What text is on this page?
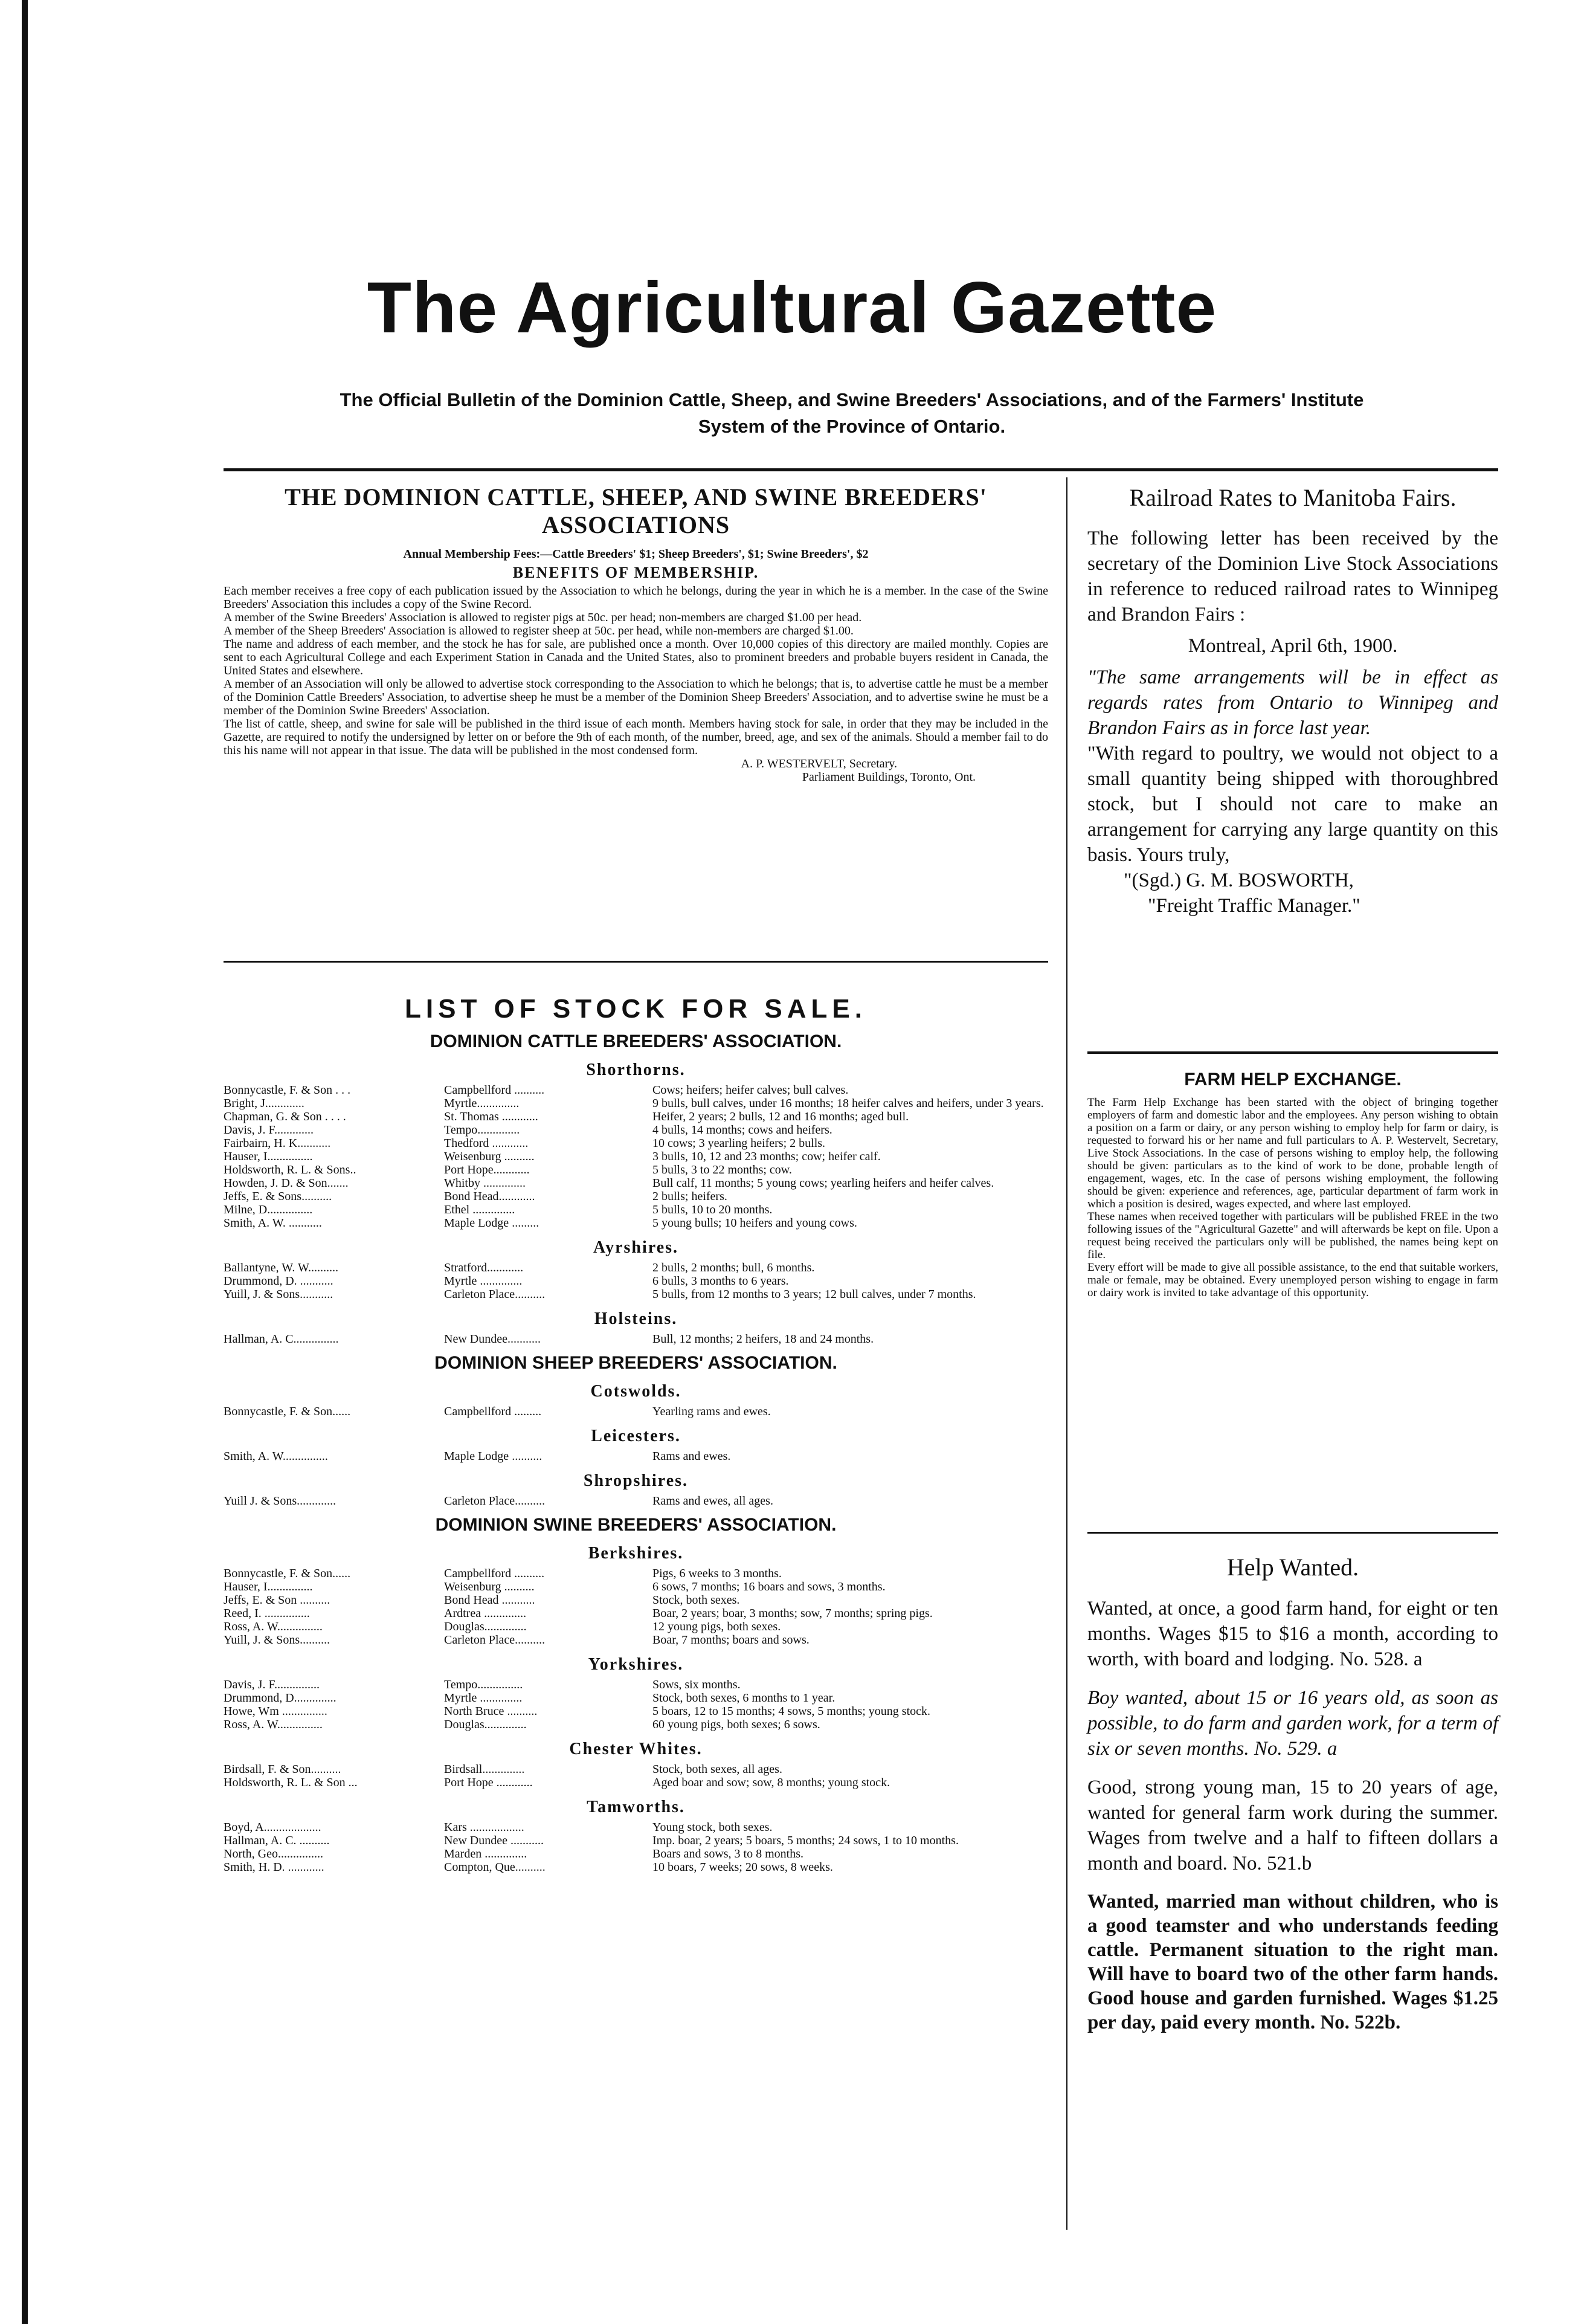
The Agricultural Gazette
The Official Bulletin of the Dominion Cattle, Sheep, and Swine Breeders' Associations, and of the Farmers' Institute System of the Province of Ontario.
THE DOMINION CATTLE, SHEEP, AND SWINE BREEDERS' ASSOCIATIONS
Annual Membership Fees:—Cattle Breeders' $1; Sheep Breeders', $1; Swine Breeders', $2
BENEFITS OF MEMBERSHIP.
Each member receives a free copy of each publication issued by the Association to which he belongs, during the year in which he is a member. In the case of the Swine Breeders' Association this includes a copy of the Swine Record.
A member of the Swine Breeders' Association is allowed to register pigs at 50c. per head; non-members are charged $1.00 per head.
A member of the Sheep Breeders' Association is allowed to register sheep at 50c. per head, while non-members are charged $1.00.
The name and address of each member, and the stock he has for sale, are published once a month. Over 10,000 copies of this directory are mailed monthly. Copies are sent to each Agricultural College and each Experiment Station in Canada and the United States, also to prominent breeders and probable buyers resident in Canada, the United States and elsewhere.
A member of an Association will only be allowed to advertise stock corresponding to the Association to which he belongs; that is, to advertise cattle he must be a member of the Dominion Cattle Breeders' Association, to advertise sheep he must be a member of the Dominion Sheep Breeders' Association, and to advertise swine he must be a member of the Dominion Swine Breeders' Association.
The list of cattle, sheep, and swine for sale will be published in the third issue of each month. Members having stock for sale, in order that they may be included in the Gazette, are required to notify the undersigned by letter on or before the 9th of each month, of the number, breed, age, and sex of the animals. Should a member fail to do this his name will not appear in that issue. The data will be published in the most condensed form.
A. P. WESTERVELT, Secretary.
Parliament Buildings, Toronto, Ont.
LIST OF STOCK FOR SALE.
DOMINION CATTLE BREEDERS' ASSOCIATION.
Shorthorns.
Bonnycastle, F. & Son . . .	Campbellford ..........	Cows; heifers; heifer calves; bull calves.
Bright, J.............	Myrtle..............	9 bulls, bull calves, under 16 months; 18 heifer calves and heifers, under 3 years.
Chapman, G. & Son . . . .	St. Thomas ............	Heifer, 2 years; 2 bulls, 12 and 16 months; aged bull.
Davis, J. F.............	Tempo..............	4 bulls, 14 months; cows and heifers.
Fairbairn, H. K...........	Thedford ............	10 cows; 3 yearling heifers; 2 bulls.
Hauser, I...............	Weisenburg ..........	3 bulls, 10, 12 and 23 months; cow; heifer calf.
Holdsworth, R. L. & Sons..	Port Hope............	5 bulls, 3 to 22 months; cow.
Howden, J. D. & Son.......	Whitby ..............	Bull calf, 11 months; 5 young cows; yearling heifers and heifer calves.
Jeffs, E. & Sons..........	Bond Head............	2 bulls; heifers.
Milne, D...............	Ethel ..............	5 bulls, 10 to 20 months.
Smith, A. W. ...........	Maple Lodge .........	5 young bulls; 10 heifers and young cows.
Ayrshires.
Ballantyne, W. W..........	Stratford............	2 bulls, 2 months; bull, 6 months.
Drummond, D. ...........	Myrtle ..............	6 bulls, 3 months to 6 years.
Yuill, J. & Sons...........	Carleton Place..........	5 bulls, from 12 months to 3 years; 12 bull calves, under 7 months.
Holsteins.
Hallman, A. C...............	New Dundee...........	Bull, 12 months; 2 heifers, 18 and 24 months.
DOMINION SHEEP BREEDERS' ASSOCIATION.
Cotswolds.
Bonnycastle, F. & Son......	Campbellford .........	Yearling rams and ewes.
Leicesters.
Smith, A. W...............	Maple Lodge ..........	Rams and ewes.
Shropshires.
Yuill J. & Sons.............	Carleton Place..........	Rams and ewes, all ages.
DOMINION SWINE BREEDERS' ASSOCIATION.
Berkshires.
Bonnycastle, F. & Son......	Campbellford ..........	Pigs, 6 weeks to 3 months.
Hauser, I...............	Weisenburg ..........	6 sows, 7 months; 16 boars and sows, 3 months.
Jeffs, E. & Son ..........	Bond Head ...........	Stock, both sexes.
Reed, I. ...............	Ardtrea ..............	Boar, 2 years; boar, 3 months; sow, 7 months; spring pigs.
Ross, A. W...............	Douglas..............	12 young pigs, both sexes.
Yuill, J. & Sons..........	Carleton Place..........	Boar, 7 months; boars and sows.
Yorkshires.
Davis, J. F...............	Tempo...............	Sows, six months.
Drummond, D..............	Myrtle ..............	Stock, both sexes, 6 months to 1 year.
Howe, Wm ...............	North Bruce ..........	5 boars, 12 to 15 months; 4 sows, 5 months; young stock.
Ross, A. W...............	Douglas..............	60 young pigs, both sexes; 6 sows.
Chester Whites.
Birdsall, F. & Son..........	Birdsall..............	Stock, both sexes, all ages.
Holdsworth, R. L. & Son ...	Port Hope ............	Aged boar and sow; sow, 8 months; young stock.
Tamworths.
Boyd, A...................	Kars ..................	Young stock, both sexes.
Hallman, A. C. ..........	New Dundee ...........	Imp. boar, 2 years; 5 boars, 5 months; 24 sows, 1 to 10 months.
North, Geo...............	Marden ..............	Boars and sows, 3 to 8 months.
Smith, H. D. ............	Compton, Que..........	10 boars, 7 weeks; 20 sows, 8 weeks.
Railroad Rates to Manitoba Fairs.
The following letter has been received by the secretary of the Dominion Live Stock Associations in reference to reduced railroad rates to Winnipeg and Brandon Fairs :
Montreal, April 6th, 1900.
"The same arrangements will be in effect as regards rates from Ontario to Winnipeg and Brandon Fairs as in force last year.
"With regard to poultry, we would not object to a small quantity being shipped with thoroughbred stock, but I should not care to make an arrangement for carrying any large quantity on this basis. Yours truly,
"(Sgd.) G. M. BOSWORTH,
"Freight Traffic Manager."
FARM HELP EXCHANGE.
The Farm Help Exchange has been started with the object of bringing together employers of farm and domestic labor and the employees. Any person wishing to obtain a position on a farm or dairy, or any person wishing to employ help for farm or dairy, is requested to forward his or her name and full particulars to A. P. Westervelt, Secretary, Live Stock Associations. In the case of persons wishing to employ help, the following should be given: particulars as to the kind of work to be done, probable length of engagement, wages, etc. In the case of persons wishing employment, the following should be given: experience and references, age, particular department of farm work in which a position is desired, wages expected, and where last employed.
These names when received together with particulars will be published FREE in the two following issues of the "Agricultural Gazette" and will afterwards be kept on file. Upon a request being received the particulars only will be published, the names being kept on file.
Every effort will be made to give all possible assistance, to the end that suitable workers, male or female, may be obtained. Every unemployed person wishing to engage in farm or dairy work is invited to take advantage of this opportunity.
Help Wanted.
Wanted, at once, a good farm hand, for eight or ten months. Wages $15 to $16 a month, according to worth, with board and lodging. No. 528. a
Boy wanted, about 15 or 16 years old, as soon as possible, to do farm and garden work, for a term of six or seven months. No. 529. a
Good, strong young man, 15 to 20 years of age, wanted for general farm work during the summer. Wages from twelve and a half to fifteen dollars a month and board. No. 521.b
Wanted, married man without children, who is a good teamster and who understands feeding cattle. Permanent situation to the right man. Will have to board two of the other farm hands. Good house and garden furnished. Wages $1.25 per day, paid every month. No. 522b.
